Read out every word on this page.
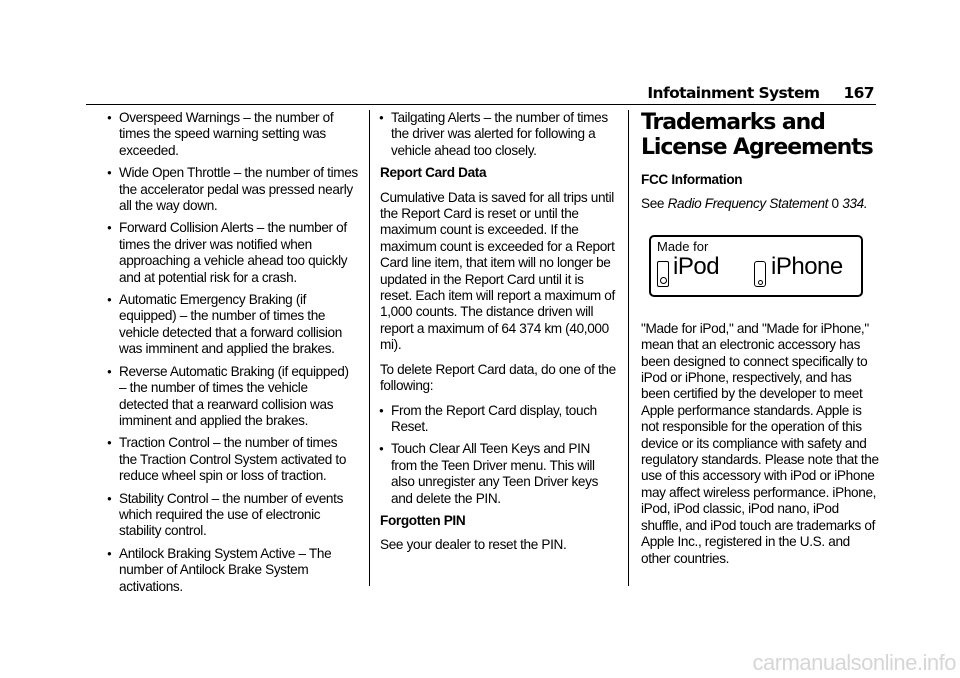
Infotainment System 167
● Overspeed Warnings – the number of times the speed warning setting was exceeded.
● Wide Open Throttle – the number of times the accelerator pedal was pressed nearly all the way down.
● Forward Collision Alerts – the number of times the driver was notified when approaching a vehicle ahead too quickly and at potential risk for a crash.
● Automatic Emergency Braking (if equipped) – the number of times the vehicle detected that a forward collision was imminent and applied the brakes.
● Reverse Automatic Braking (if equipped) – the number of times the vehicle detected that a rearward collision was imminent and applied the brakes.
● Traction Control – the number of times the Traction Control System activated to reduce wheel spin or loss of traction.
● Stability Control – the number of events which required the use of electronic stability control.
● Antilock Braking System Active – The number of Antilock Brake System activations.
● Tailgating Alerts – the number of times the driver was alerted for following a vehicle ahead too closely.
Report Card Data

Cumulative Data is saved for all trips until the Report Card is reset or until the maximum count is exceeded. If the maximum count is exceeded for a Report Card line item, that item will no longer be updated in the Report Card until it is reset. Each item will report a maximum of 1,000 counts. The distance driven will report a maximum of 64 374 km (40,000 mi).

To delete Report Card data, do one of the following:

● From the Report Card display, touch Reset.
● Touch Clear All Teen Keys and PIN from the Teen Driver menu. This will also unregister any Teen Driver keys and delete the PIN.
Forgotten PIN

See your dealer to reset the PIN.

Trademarks and License Agreements
FCC Information

See Radio Frequency Statement 0 334.

Made for
iPod iPhone

"Made for iPod," and "Made for iPhone," mean that an electronic accessory has been designed to connect specifically to iPod or iPhone, respectively, and has been certified by the developer to meet Apple performance standards. Apple is not responsible for the operation of this device or its compliance with safety and regulatory standards. Please note that the use of this accessory with iPod or iPhone may affect wireless performance. iPhone, iPod, iPod classic, iPod nano, iPod shuffle, and iPod touch are trademarks of Apple Inc., registered in the U.S. and other countries.

carmanualsonline.info
